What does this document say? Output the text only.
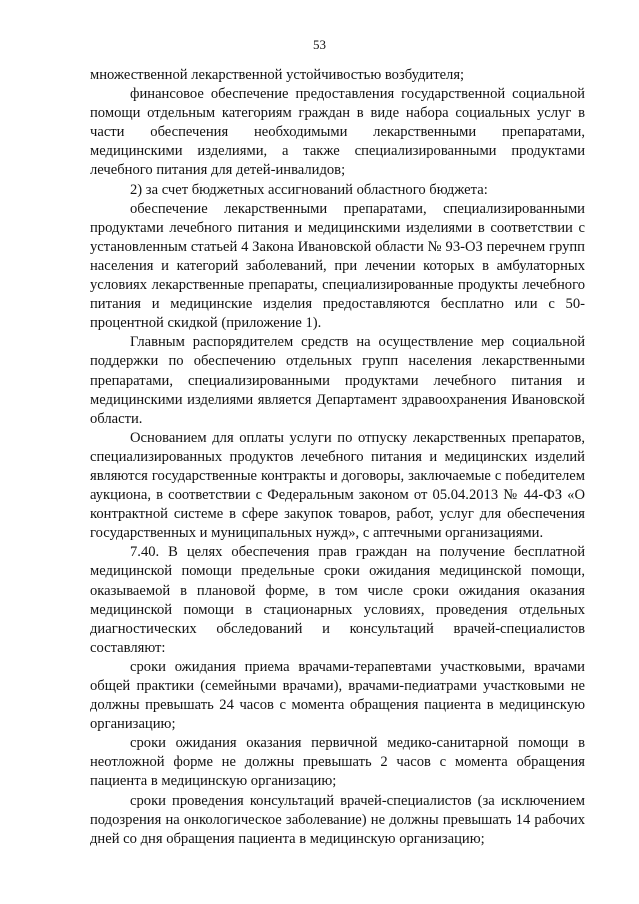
53

множественной лекарственной устойчивостью возбудителя;

финансовое обеспечение предоставления государственной социальной помощи отдельным категориям граждан в виде набора социальных услуг в части обеспечения необходимыми лекарственными препаратами, медицинскими изделиями, а также специализированными продуктами лечебного питания для детей-инвалидов;

2) за счет бюджетных ассигнований областного бюджета:

обеспечение лекарственными препаратами, специализированными продуктами лечебного питания и медицинскими изделиями в соответствии с установленным статьей 4 Закона Ивановской области № 93-ОЗ перечнем групп населения и категорий заболеваний, при лечении которых в амбулаторных условиях лекарственные препараты, специализированные продукты лечебного питания и медицинские изделия предоставляются бесплатно или с 50-процентной скидкой (приложение 1).

Главным распорядителем средств на осуществление мер социальной поддержки по обеспечению отдельных групп населения лекарственными препаратами, специализированными продуктами лечебного питания и медицинскими изделиями является Департамент здравоохранения Ивановской области.

Основанием для оплаты услуги по отпуску лекарственных препаратов, специализированных продуктов лечебного питания и медицинских изделий являются государственные контракты и договоры, заключаемые с победителем аукциона, в соответствии с Федеральным законом от 05.04.2013 № 44-ФЗ «О контрактной системе в сфере закупок товаров, работ, услуг для обеспечения государственных и муниципальных нужд», с аптечными организациями.

7.40. В целях обеспечения прав граждан на получение бесплатной медицинской помощи предельные сроки ожидания медицинской помощи, оказываемой в плановой форме, в том числе сроки ожидания оказания медицинской помощи в стационарных условиях, проведения отдельных диагностических обследований и консультаций врачей-специалистов составляют:

сроки ожидания приема врачами-терапевтами участковыми, врачами общей практики (семейными врачами), врачами-педиатрами участковыми не должны превышать 24 часов с момента обращения пациента в медицинскую организацию;

сроки ожидания оказания первичной медико-санитарной помощи в неотложной форме не должны превышать 2 часов с момента обращения пациента в медицинскую организацию;

сроки проведения консультаций врачей-специалистов (за исключением подозрения на онкологическое заболевание) не должны превышать 14 рабочих дней со дня обращения пациента в медицинскую организацию;
